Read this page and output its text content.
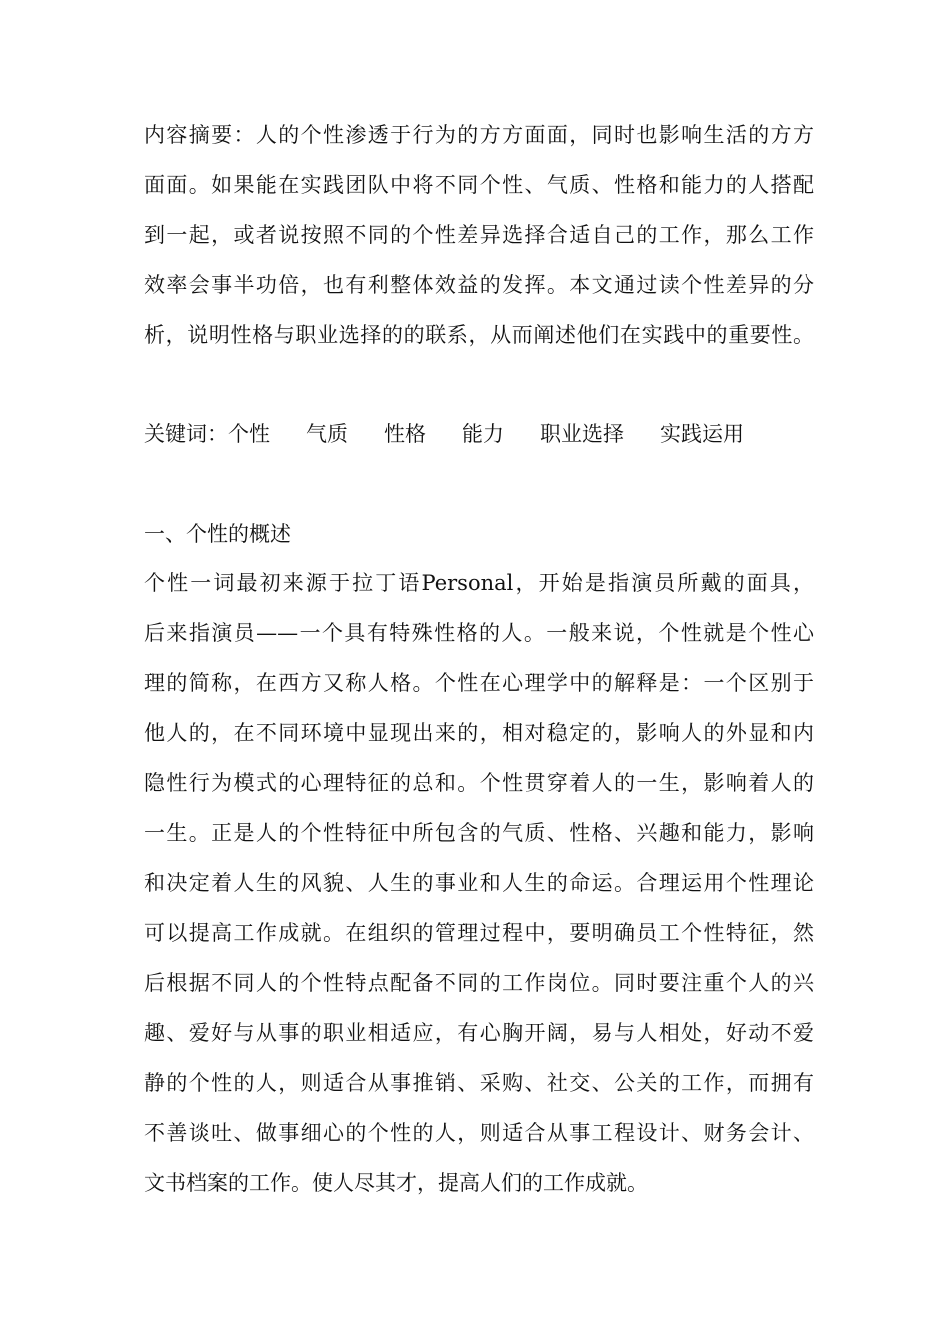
内容摘要：人的个性渗透于行为的方方面面，同时也影响生活的方方
面面。如果能在实践团队中将不同个性、气质、性格和能力的人搭配
到一起，或者说按照不同的个性差异选择合适自己的工作，那么工作
效率会事半功倍，也有利整体效益的发挥。本文通过读个性差异的分
析，说明性格与职业选择的的联系，从而阐述他们在实践中的重要性。
关键词：个性 气质 性格 能力 职业选择 实践运用
一、个性的概述
个性一词最初来源于拉丁语Personal，开始是指演员所戴的面具，
后来指演员——一个具有特殊性格的人。一般来说，个性就是个性心
理的简称，在西方又称人格。个性在心理学中的解释是：一个区别于
他人的，在不同环境中显现出来的，相对稳定的，影响人的外显和内
隐性行为模式的心理特征的总和。个性贯穿着人的一生，影响着人的
一生。正是人的个性特征中所包含的气质、性格、兴趣和能力，影响
和决定着人生的风貌、人生的事业和人生的命运。合理运用个性理论
可以提高工作成就。在组织的管理过程中，要明确员工个性特征，然
后根据不同人的个性特点配备不同的工作岗位。同时要注重个人的兴
趣、爱好与从事的职业相适应，有心胸开阔，易与人相处，好动不爱
静的个性的人，则适合从事推销、采购、社交、公关的工作，而拥有
不善谈吐、做事细心的个性的人，则适合从事工程设计、财务会计、
文书档案的工作。使人尽其才，提高人们的工作成就。
